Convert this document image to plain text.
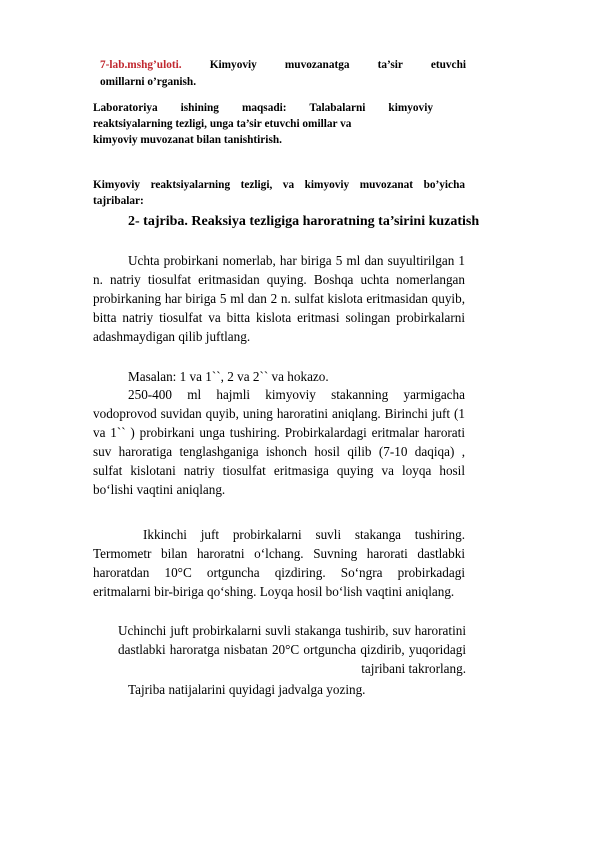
7-lab.mshg’uloti. Kimyoviy muvozanatga ta’sir etuvchi
omillarni o’rganish.
Laboratoriya ishining maqsadi: Talabalarni kimyoviy reaktsiyalarning tezligi, unga ta’sir etuvchi omillar va
kimyoviy muvozanat bilan tanishtirish.
Kimyoviy reaktsiyalarning tezligi, va kimyoviy muvozanat bo’yicha tajribalar:

2- tajriba. Reaksiya tezligiga haroratning ta’sirini kuzatish

Uchta probirkani nomerlab, har biriga 5 ml dan suyultirilgan 1 n. natriy tiosulfat eritmasidan quying. Boshqa uchta nomerlangan probirkaning har biriga 5 ml dan 2 n. sulfat kislota eritmasidan quyib, bitta natriy tiosulfat va bitta kislota eritmasi solingan probirkalarni adashmaydigan qilib juftlang.

Masalan: 1 va 1``, 2 va 2`` va hokazo.

250-400 ml hajmli kimyoviy stakanning yarmigacha vodoprovod suvidan quyib, uning haroratini aniqlang. Birinchi juft (1 va 1`` ) probirkani unga tushiring. Probirkalardagi eritmalar harorati suv haroratiga tenglashganiga ishonch hosil qilib (7-10 daqiqa) , sulfat kislotani natriy tiosulfat eritmasiga quying va loyqa hosil bo‘lishi vaqtini aniqlang.

Ikkinchi juft probirkalarni suvli stakanga tushiring. Termometr bilan haroratni o‘lchang. Suvning harorati dastlabki haroratdan 10°C ortguncha qizdiring. So‘ngra probirkadagi eritmalarni bir-biriga qo‘shing. Loyqa hosil bo‘lish vaqtini aniqlang.

Uchinchi juft probirkalarni suvli stakanga tushirib, suv haroratini dastlabki haroratga nisbatan 20°C ortguncha qizdirib, yuqoridagi tajribani takrorlang.

Tajriba natijalarini quyidagi jadvalga yozing.
